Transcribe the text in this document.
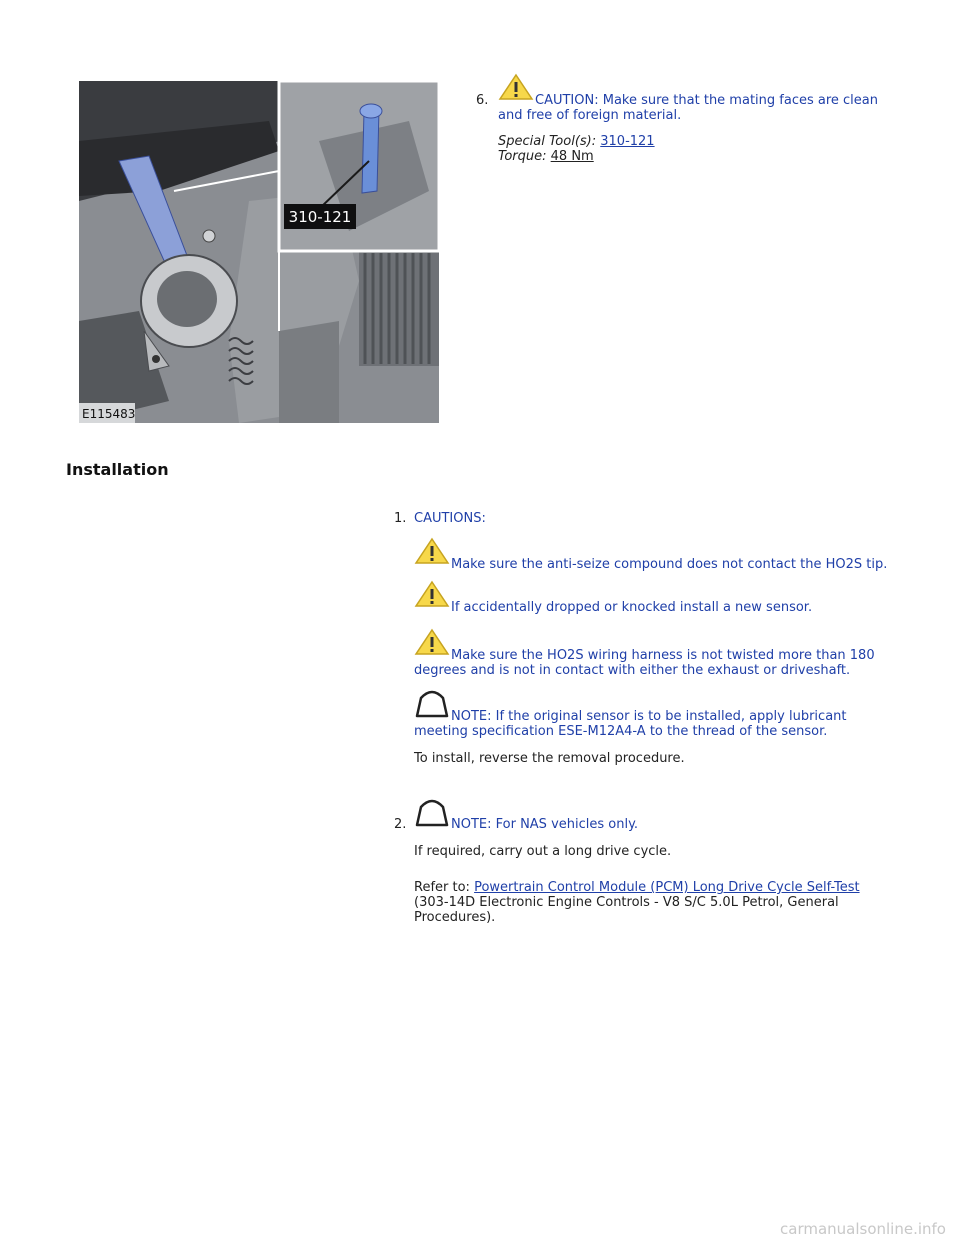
310-121
E115483
6.	CAUTION: Make sure that the mating faces are clean
and free of foreign material.
Special Tool(s): 310-121
Torque: 48 Nm
Installation
1. CAUTIONS:
Make sure the anti-seize compound does not contact the HO2S tip.
If accidentally dropped or knocked install a new sensor.
Make sure the HO2S wiring harness is not twisted more than 180
degrees and is not in contact with either the exhaust or driveshaft.
NOTE: If the original sensor is to be installed, apply lubricant
meeting specification ESE-M12A4-A to the thread of the sensor.
To install, reverse the removal procedure.
2.	NOTE: For NAS vehicles only.
If required, carry out a long drive cycle.
Refer to: Powertrain Control Module (PCM) Long Drive Cycle Self-Test
(303-14D Electronic Engine Controls - V8 S/C 5.0L Petrol, General
Procedures).
carmanualsonline.info
